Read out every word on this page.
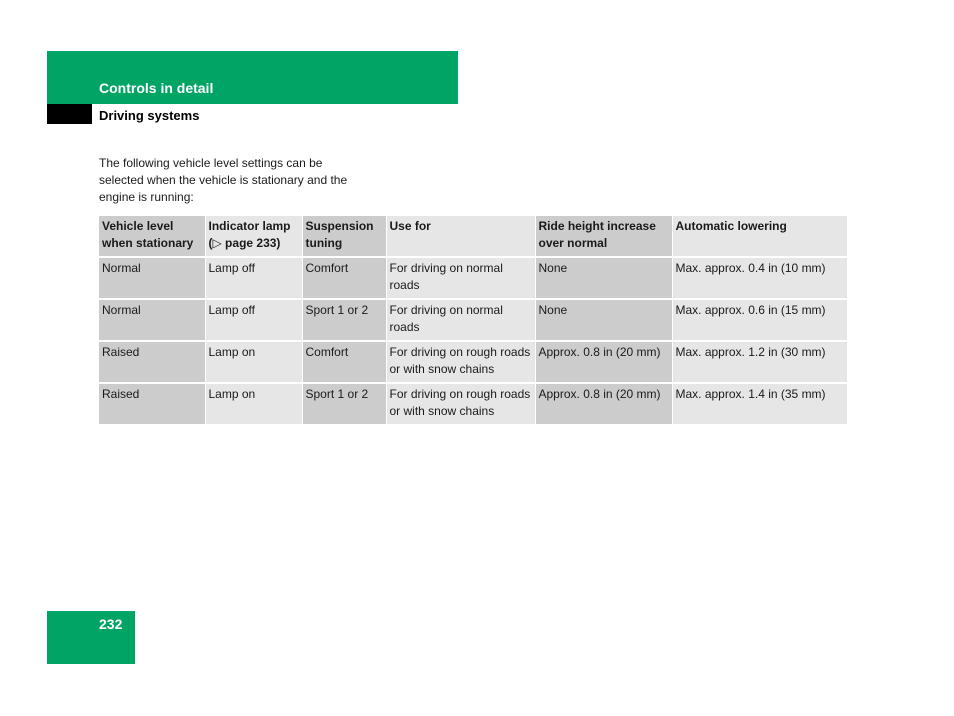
Controls in detail
Driving systems
The following vehicle level settings can be selected when the vehicle is stationary and the engine is running:
Vehicle level when stationary	Indicator lamp (▷ page 233)	Suspension tuning	Use for	Ride height increase over normal	Automatic lowering
Normal	Lamp off	Comfort	For driving on normal roads	None	Max. approx. 0.4 in (10 mm)
Normal	Lamp off	Sport 1 or 2	For driving on normal roads	None	Max. approx. 0.6 in (15 mm)
Raised	Lamp on	Comfort	For driving on rough roads or with snow chains	Approx. 0.8 in (20 mm)	Max. approx. 1.2 in (30 mm)
Raised	Lamp on	Sport 1 or 2	For driving on rough roads or with snow chains	Approx. 0.8 in (20 mm)	Max. approx. 1.4 in (35 mm)
232
